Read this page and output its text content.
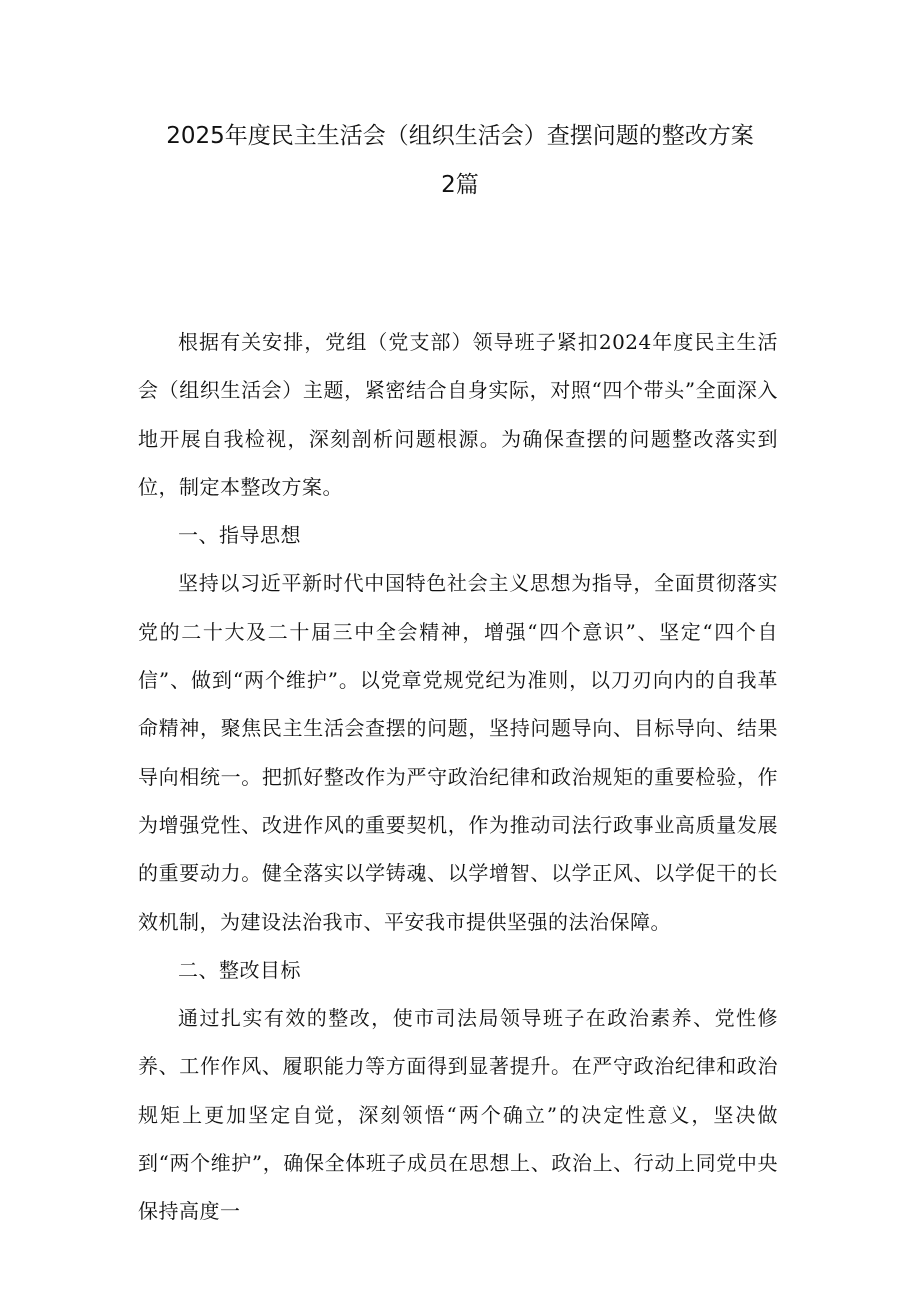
2025年度民主生活会（组织生活会）查摆问题的整改方案
2篇

根据有关安排，党组（党支部）领导班子紧扣2024年度民主生活会（组织生活会）主题，紧密结合自身实际，对照“四个带头”全面深入地开展自我检视，深刻剖析问题根源。为确保查摆的问题整改落实到位，制定本整改方案。

一、指导思想

坚持以习近平新时代中国特色社会主义思想为指导，全面贯彻落实党的二十大及二十届三中全会精神，增强“四个意识”、坚定“四个自信”、做到“两个维护”。以党章党规党纪为准则，以刀刃向内的自我革命精神，聚焦民主生活会查摆的问题，坚持问题导向、目标导向、结果导向相统一。把抓好整改作为严守政治纪律和政治规矩的重要检验，作为增强党性、改进作风的重要契机，作为推动司法行政事业高质量发展的重要动力。健全落实以学铸魂、以学增智、以学正风、以学促干的长效机制，为建设法治我市、平安我市提供坚强的法治保障。

二、整改目标

通过扎实有效的整改，使市司法局领导班子在政治素养、党性修养、工作作风、履职能力等方面得到显著提升。在严守政治纪律和政治规矩上更加坚定自觉，深刻领悟“两个确立”的决定性意义，坚决做到“两个维护”，确保全体班子成员在思想上、政治上、行动上同党中央保持高度一
